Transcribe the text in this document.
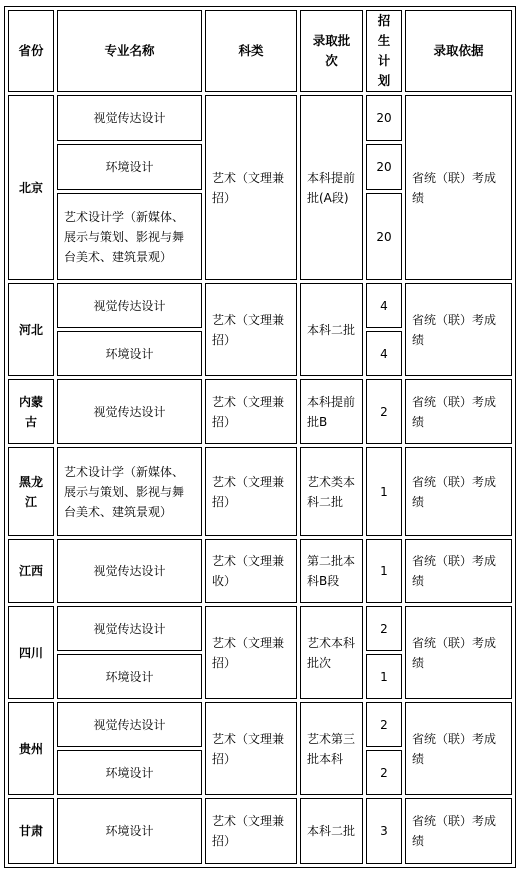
省份	专业名称	科类	录取批次	招生计划	录取依据
北京	视觉传达设计	艺术（文理兼招）	本科提前批(A段)	20	省统（联）考成绩
	环境设计			20	
	艺术设计学（新媒体、展示与策划、影视与舞台美术、建筑景观）			20	
河北	视觉传达设计	艺术（文理兼招）	本科二批	4	省统（联）考成绩
	环境设计			4	
内蒙古	视觉传达设计	艺术（文理兼招）	本科提前批B	2	省统（联）考成绩
黑龙江	艺术设计学（新媒体、展示与策划、影视与舞台美术、建筑景观）	艺术（文理兼招）	艺术类本科二批	1	省统（联）考成绩
江西	视觉传达设计	艺术（文理兼收）	第二批本科B段	1	省统（联）考成绩
四川	视觉传达设计	艺术（文理兼招）	艺术本科批次	2	省统（联）考成绩
	环境设计			1	
贵州	视觉传达设计	艺术（文理兼招）	艺术第三批本科	2	省统（联）考成绩
	环境设计			2	
甘肃	环境设计	艺术（文理兼招）	本科二批	3	省统（联）考成绩
